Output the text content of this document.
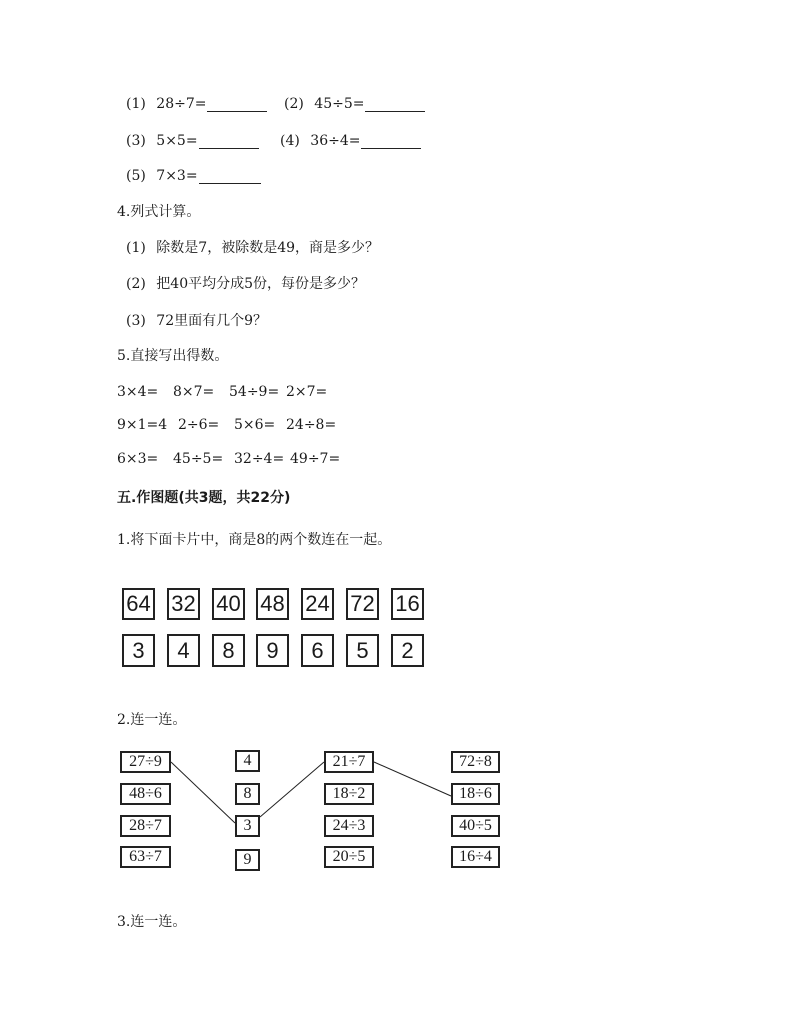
(1) 28÷7=	(2) 45÷5=
(3) 5×5=	(4) 36÷4=
(5) 7×3=
4.列式计算。
(1) 除数是7，被除数是49，商是多少？
(2) 把40平均分成5份，每份是多少？
(3) 72里面有几个9？
5.直接写出得数。
3×4= 8×7= 54÷9= 2×7=
9×1=4 2÷6= 5×6= 24÷8=
6×3= 45÷5= 32÷4= 49÷7=
五.作图题(共3题，共22分)
1.将下面卡片中，商是8的两个数连在一起。
64 32 40 48 24 72 16
3	4	8	9	6	5	2
2.连一连。
27÷9
48÷6
28÷7
63÷7
4
8
3
9
21÷7
18÷2
24÷3
20÷5
72÷8
18÷6
40÷5
16÷4
3.连一连。
